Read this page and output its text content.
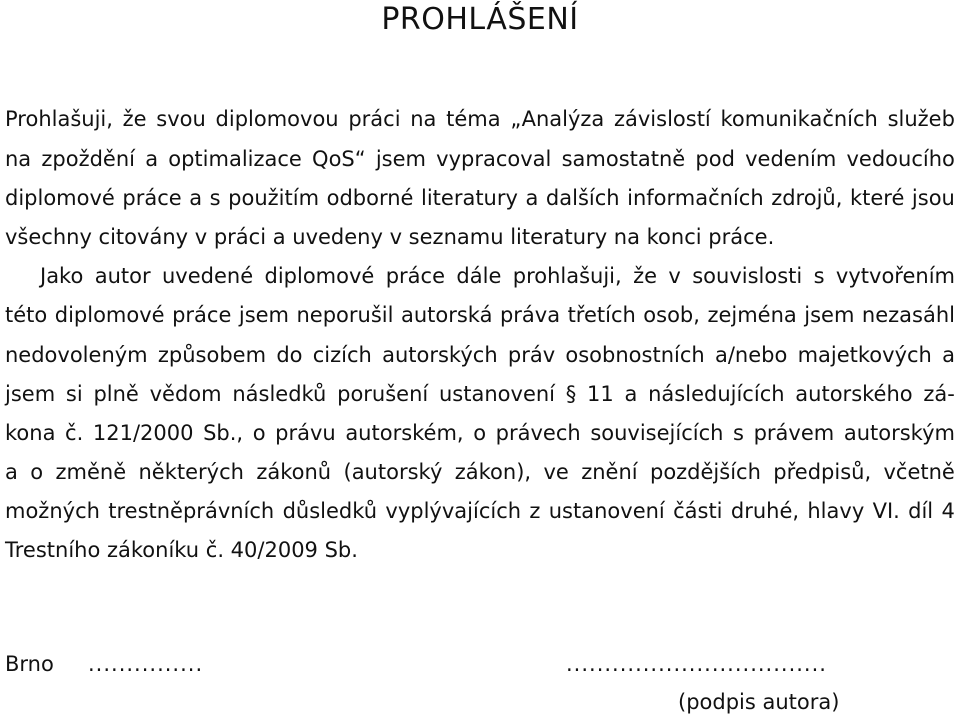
PROHLÁŠENÍ

Prohlašuji, že svou diplomovou práci na téma „Analýza závislostí komunikačních služeb

na zpoždění a optimalizace QoS“ jsem vypracoval samostatně pod vedením vedoucího

diplomové práce a s použitím odborné literatury a dalších informačních zdrojů, které jsou

všechny citovány v práci a uvedeny v seznamu literatury na konci práce.

Jako autor uvedené diplomové práce dále prohlašuji, že v souvislosti s vytvořením

této diplomové práce jsem neporušil autorská práva třetích osob, zejména jsem nezasáhl

nedovoleným způsobem do cizích autorských práv osobnostních a/nebo majetkových a

jsem si plně vědom následků porušení ustanovení § 11 a následujících autorského zá-

kona č. 121/2000 Sb., o právu autorském, o právech souvisejících s právem autorským

a o změně některých zákonů (autorský zákon), ve znění pozdějších předpisů, včetně

možných trestněprávních důsledků vyplývajících z ustanovení části druhé, hlavy VI. díl 4

Trestního zákoníku č. 40/2009 Sb.

Brno ...............	..................................
(podpis autora)
